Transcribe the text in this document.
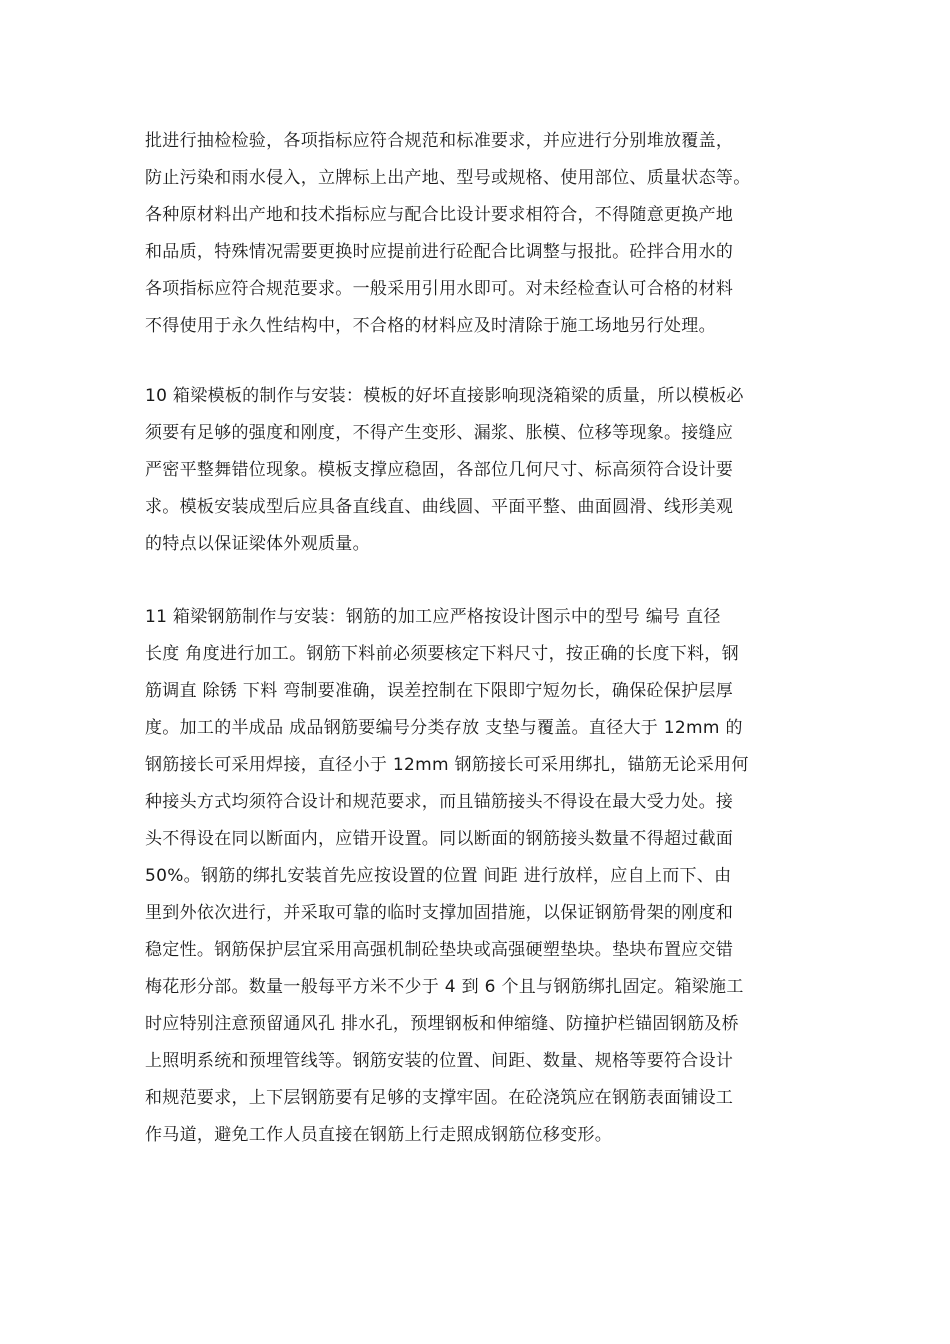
批进行抽检检验，各项指标应符合规范和标准要求，并应进行分别堆放覆盖，
防止污染和雨水侵入，立牌标上出产地、型号或规格、使用部位、质量状态等。
各种原材料出产地和技术指标应与配合比设计要求相符合，不得随意更换产地
和品质，特殊情况需要更换时应提前进行砼配合比调整与报批。砼拌合用水的
各项指标应符合规范要求。一般采用引用水即可。对未经检查认可合格的材料
不得使用于永久性结构中，不合格的材料应及时清除于施工场地另行处理。
10 箱梁模板的制作与安装：模板的好坏直接影响现浇箱梁的质量，所以模板必
须要有足够的强度和刚度，不得产生变形、漏浆、胀模、位移等现象。接缝应
严密平整舞错位现象。模板支撑应稳固，各部位几何尺寸、标高须符合设计要
求。模板安装成型后应具备直线直、曲线圆、平面平整、曲面圆滑、线形美观
的特点以保证梁体外观质量。
11 箱梁钢筋制作与安装：钢筋的加工应严格按设计图示中的型号 编号 直径
长度 角度进行加工。钢筋下料前必须要核定下料尺寸，按正确的长度下料，钢
筋调直 除锈 下料 弯制要准确，误差控制在下限即宁短勿长，确保砼保护层厚
度。加工的半成品 成品钢筋要编号分类存放 支垫与覆盖。直径大于 12mm 的
钢筋接长可采用焊接，直径小于 12mm 钢筋接长可采用绑扎，锚筋无论采用何
种接头方式均须符合设计和规范要求，而且锚筋接头不得设在最大受力处。接
头不得设在同以断面内，应错开设置。同以断面的钢筋接头数量不得超过截面
50%。钢筋的绑扎安装首先应按设置的位置 间距 进行放样，应自上而下、由
里到外依次进行，并采取可靠的临时支撑加固措施，以保证钢筋骨架的刚度和
稳定性。钢筋保护层宜采用高强机制砼垫块或高强硬塑垫块。垫块布置应交错
梅花形分部。数量一般每平方米不少于 4 到 6 个且与钢筋绑扎固定。箱梁施工
时应特别注意预留通风孔 排水孔，预埋钢板和伸缩缝、防撞护栏锚固钢筋及桥
上照明系统和预埋管线等。钢筋安装的位置、间距、数量、规格等要符合设计
和规范要求，上下层钢筋要有足够的支撑牢固。在砼浇筑应在钢筋表面铺设工
作马道，避免工作人员直接在钢筋上行走照成钢筋位移变形。
